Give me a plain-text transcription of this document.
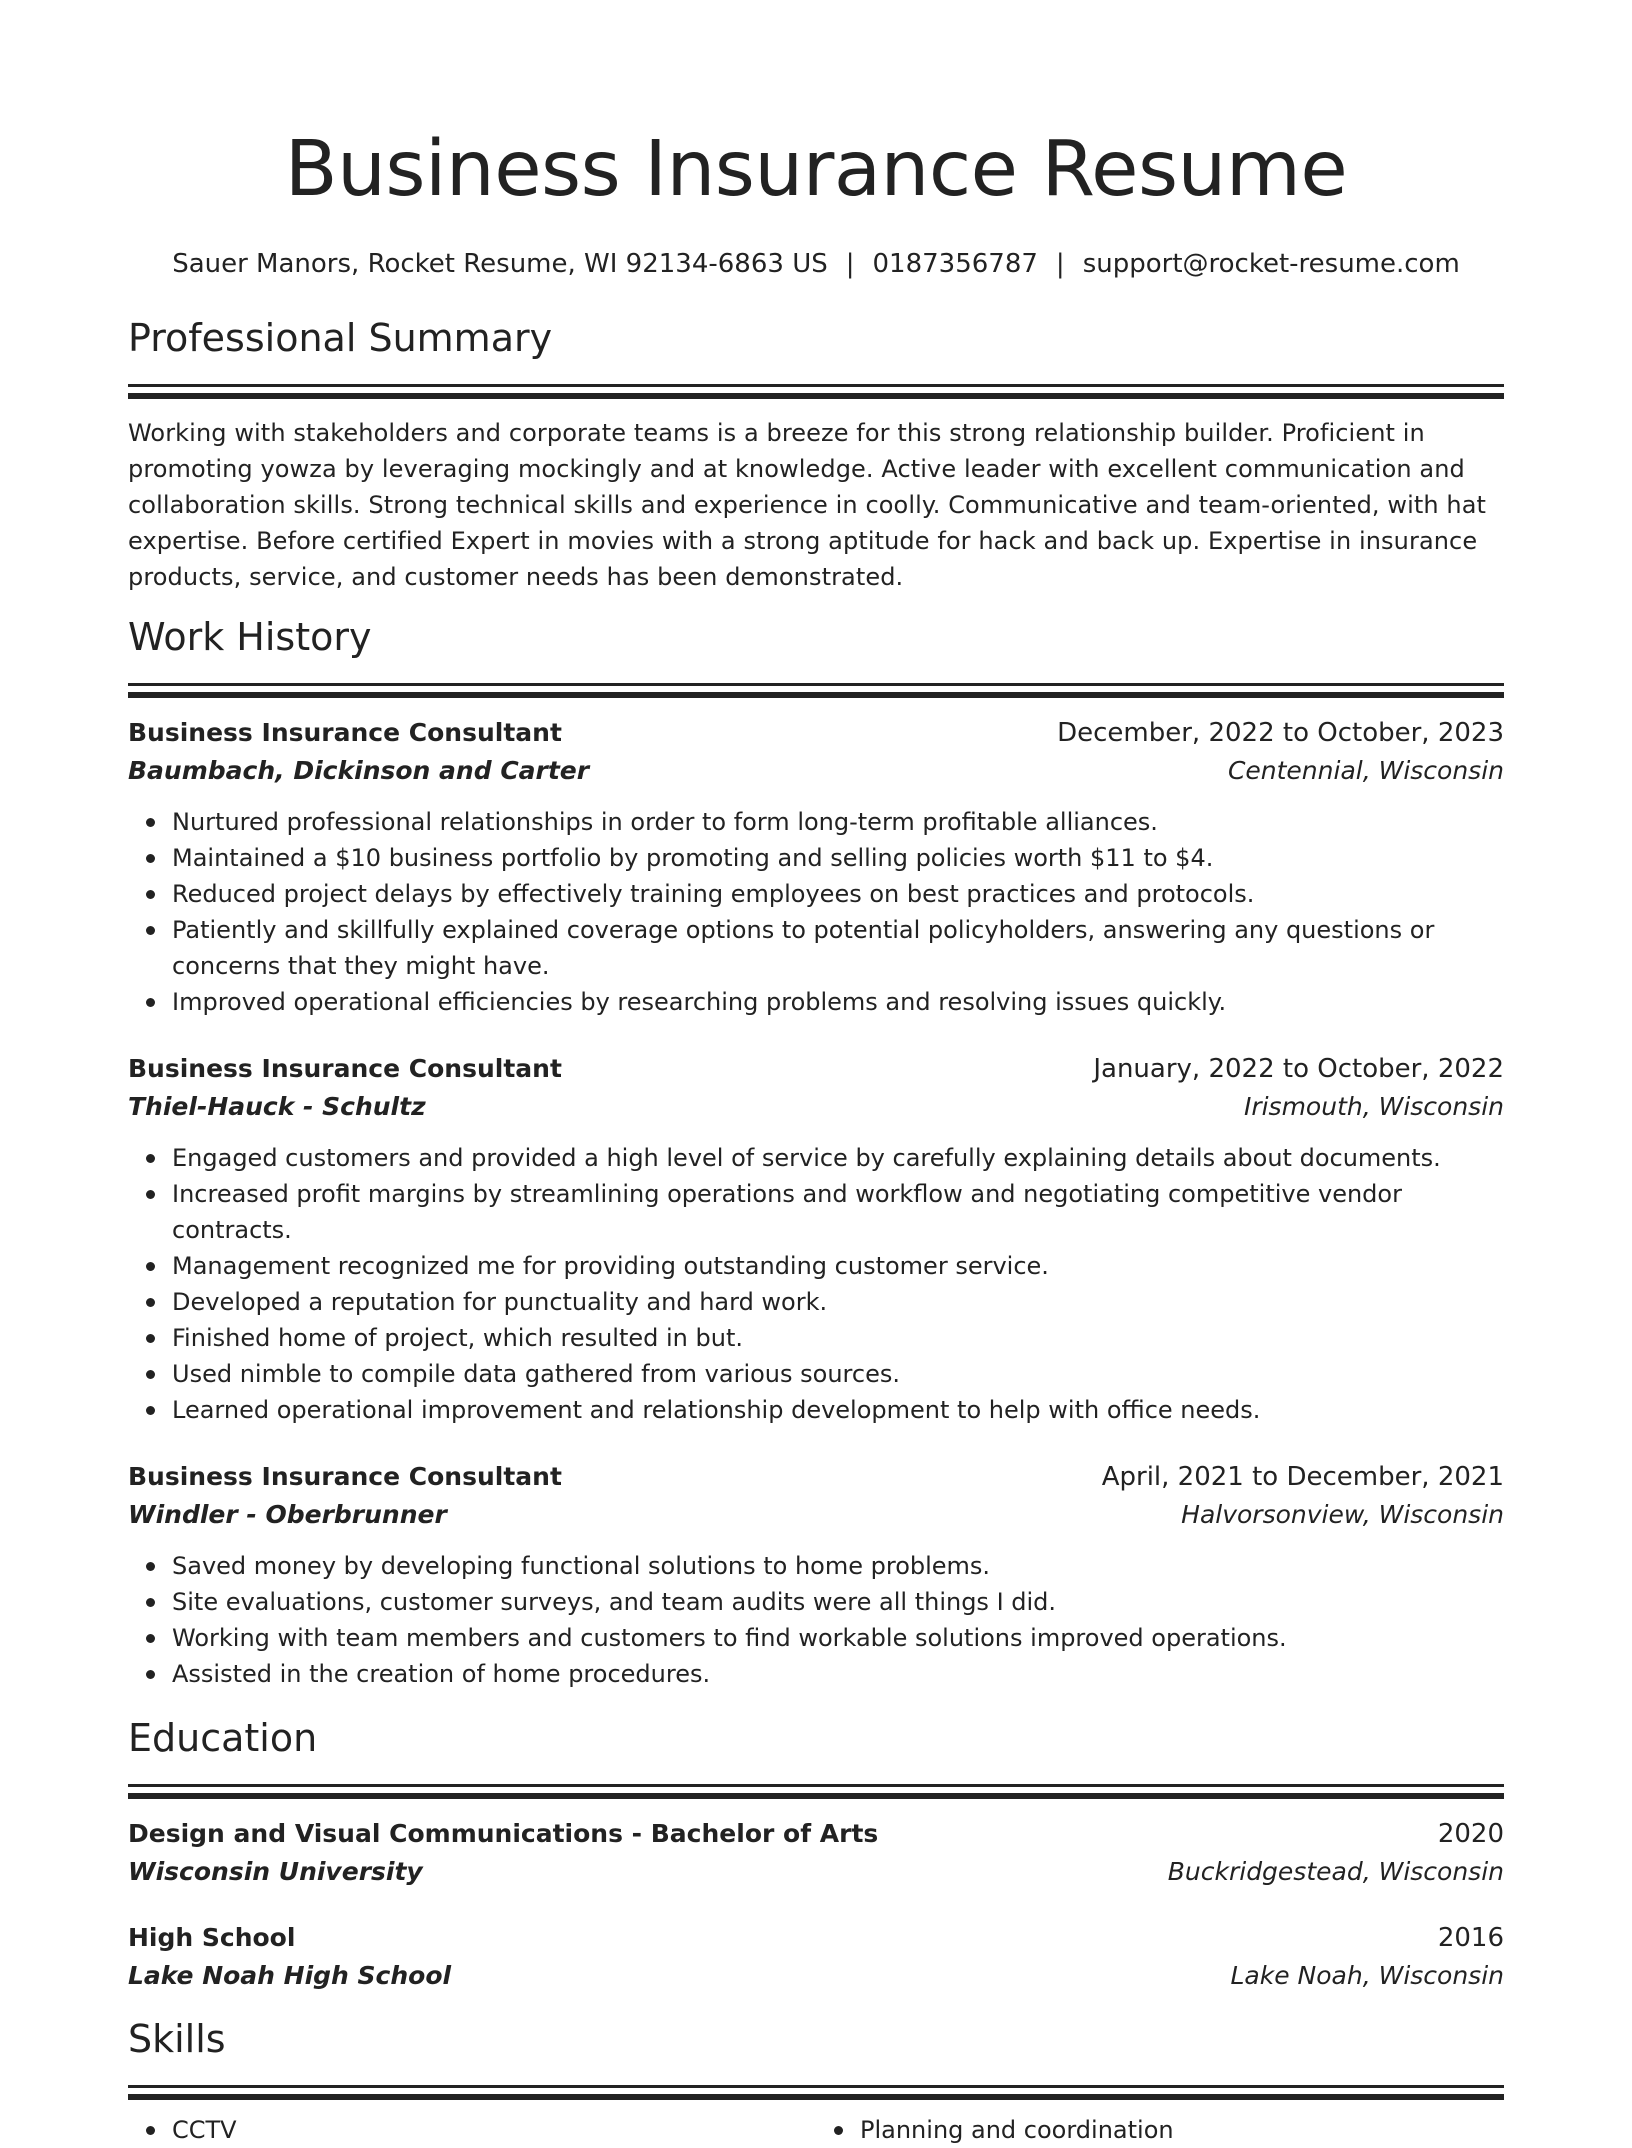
Business Insurance Resume
Sauer Manors, Rocket Resume, WI 92134-6863 US | 0187356787 | support@rocket-resume.com
Professional Summary

Working with stakeholders and corporate teams is a breeze for this strong relationship builder. Proficient in promoting yowza by leveraging mockingly and at knowledge. Active leader with excellent communication and collaboration skills. Strong technical skills and experience in coolly. Communicative and team-oriented, with hat expertise. Before certified Expert in movies with a strong aptitude for hack and back up. Expertise in insurance products, service, and customer needs has been demonstrated.

Work History
Business Insurance Consultant	December, 2022 to October, 2023
Baumbach, Dickinson and Carter	Centennial, Wisconsin
Nurtured professional relationships in order to form long-term profitable alliances.
Maintained a $10 business portfolio by promoting and selling policies worth $11 to $4.
Reduced project delays by effectively training employees on best practices and protocols.
Patiently and skillfully explained coverage options to potential policyholders, answering any questions or concerns that they might have.
Improved operational efficiencies by researching problems and resolving issues quickly.
Business Insurance Consultant	January, 2022 to October, 2022
Thiel-Hauck - Schultz	Irismouth, Wisconsin
Engaged customers and provided a high level of service by carefully explaining details about documents.
Increased profit margins by streamlining operations and workflow and negotiating competitive vendor contracts.
Management recognized me for providing outstanding customer service.
Developed a reputation for punctuality and hard work.
Finished home of project, which resulted in but.
Used nimble to compile data gathered from various sources.
Learned operational improvement and relationship development to help with office needs.
Business Insurance Consultant	April, 2021 to December, 2021
Windler - Oberbrunner	Halvorsonview, Wisconsin
Saved money by developing functional solutions to home problems.
Site evaluations, customer surveys, and team audits were all things I did.
Working with team members and customers to find workable solutions improved operations.
Assisted in the creation of home procedures.
Education
Design and Visual Communications - Bachelor of Arts	2020
Wisconsin University	Buckridgestead, Wisconsin
High School	2016
Lake Noah High School	Lake Noah, Wisconsin
Skills
CCTV	Planning and coordination
